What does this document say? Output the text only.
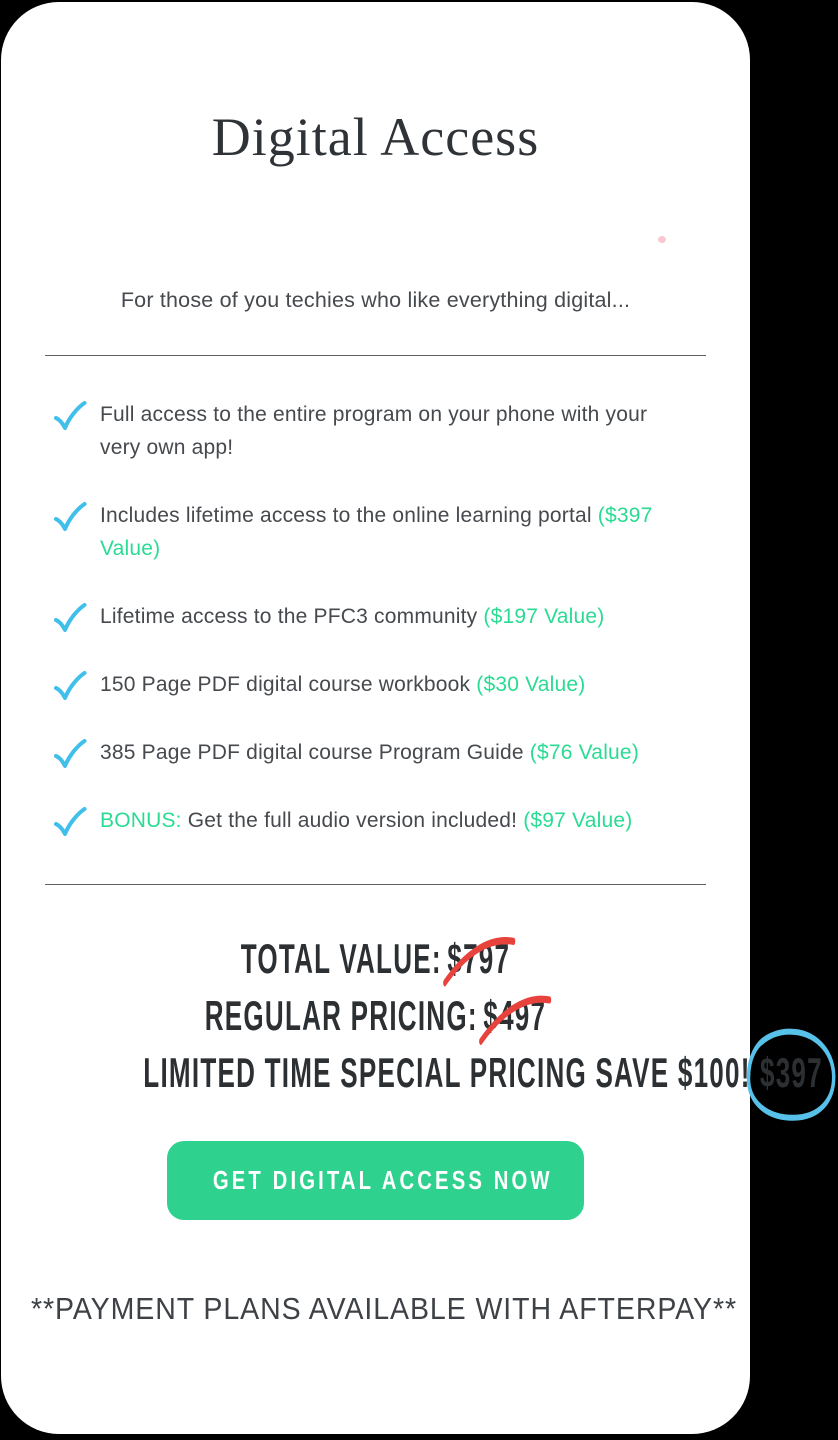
Digital Access

For those of you techies who like everything digital...

Full access to the entire program on your phone with your very own app!
Includes lifetime access to the online learning portal ($397 Value)
Lifetime access to the PFC3 community ($197 Value)
150 Page PDF digital course workbook ($30 Value)
385 Page PDF digital course Program Guide ($76 Value)
BONUS: Get the full audio version included! ($97 Value)
TOTAL VALUE: $797
REGULAR PRICING: $497
LIMITED TIME SPECIAL PRICING SAVE $100! $397
GET DIGITAL ACCESS NOW

**PAYMENT PLANS AVAILABLE WITH AFTERPAY**
